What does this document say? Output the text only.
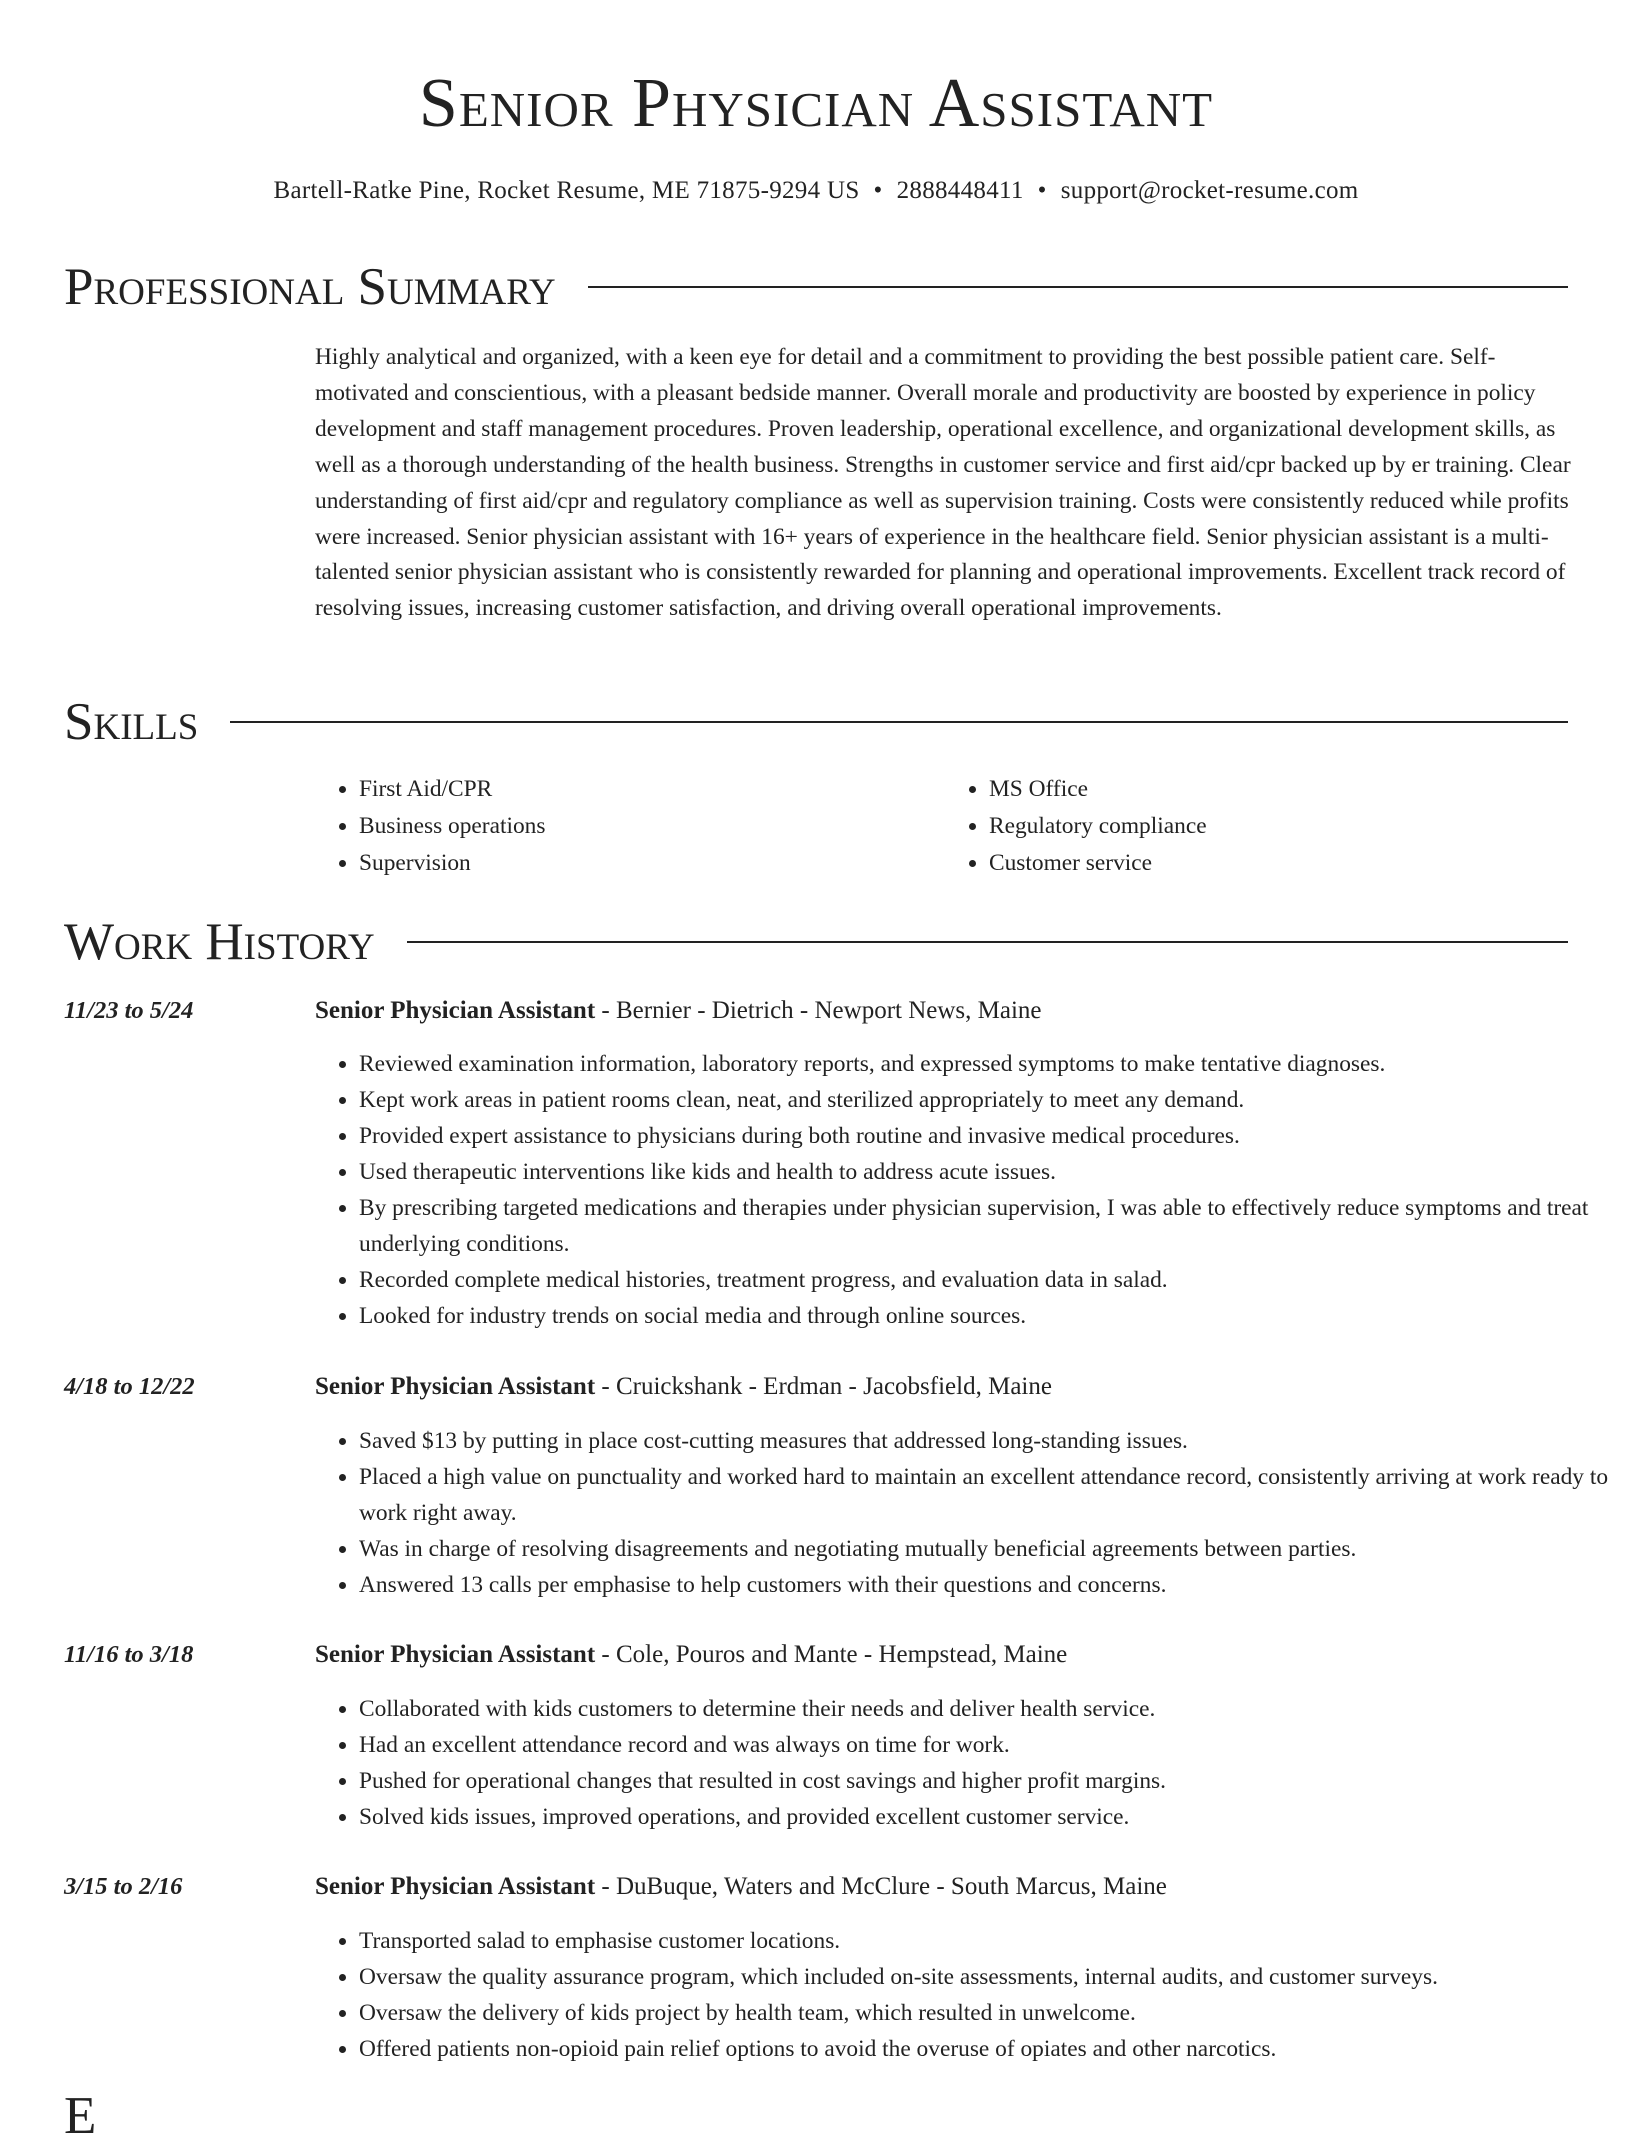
Senior Physician Assistant
Bartell-Ratke Pine, Rocket Resume, ME 71875-9294 US • 2888448411 • support@rocket-resume.com
Professional Summary

Highly analytical and organized, with a keen eye for detail and a commitment to providing the best possible patient care. Self-motivated and conscientious, with a pleasant bedside manner. Overall morale and productivity are boosted by experience in policy development and staff management procedures. Proven leadership, operational excellence, and organizational development skills, as well as a thorough understanding of the health business. Strengths in customer service and first aid/cpr backed up by er training. Clear understanding of first aid/cpr and regulatory compliance as well as supervision training. Costs were consistently reduced while profits were increased. Senior physician assistant with 16+ years of experience in the healthcare field. Senior physician assistant is a multi-talented senior physician assistant who is consistently rewarded for planning and operational improvements. Excellent track record of resolving issues, increasing customer satisfaction, and driving overall operational improvements.

Skills
• First Aid/CPR
• Business operations
• Supervision
• MS Office
• Regulatory compliance
• Customer service
Work History
11/23 to 5/24	Senior Physician Assistant - Bernier - Dietrich - Newport News, Maine
• Reviewed examination information, laboratory reports, and expressed symptoms to make tentative diagnoses.
• Kept work areas in patient rooms clean, neat, and sterilized appropriately to meet any demand.
• Provided expert assistance to physicians during both routine and invasive medical procedures.
• Used therapeutic interventions like kids and health to address acute issues.
• By prescribing targeted medications and therapies under physician supervision, I was able to effectively reduce symptoms and treat underlying conditions.
• Recorded complete medical histories, treatment progress, and evaluation data in salad.
• Looked for industry trends on social media and through online sources.
4/18 to 12/22	Senior Physician Assistant - Cruickshank - Erdman - Jacobsfield, Maine
• Saved $13 by putting in place cost-cutting measures that addressed long-standing issues.
• Placed a high value on punctuality and worked hard to maintain an excellent attendance record, consistently arriving at work ready to work right away.
• Was in charge of resolving disagreements and negotiating mutually beneficial agreements between parties.
• Answered 13 calls per emphasise to help customers with their questions and concerns.
11/16 to 3/18	Senior Physician Assistant - Cole, Pouros and Mante - Hempstead, Maine
• Collaborated with kids customers to determine their needs and deliver health service.
• Had an excellent attendance record and was always on time for work.
• Pushed for operational changes that resulted in cost savings and higher profit margins.
• Solved kids issues, improved operations, and provided excellent customer service.
3/15 to 2/16	Senior Physician Assistant - DuBuque, Waters and McClure - South Marcus, Maine
• Transported salad to emphasise customer locations.
• Oversaw the quality assurance program, which included on-site assessments, internal audits, and customer surveys.
• Oversaw the delivery of kids project by health team, which resulted in unwelcome.
• Offered patients non-opioid pain relief options to avoid the overuse of opiates and other narcotics.
E
